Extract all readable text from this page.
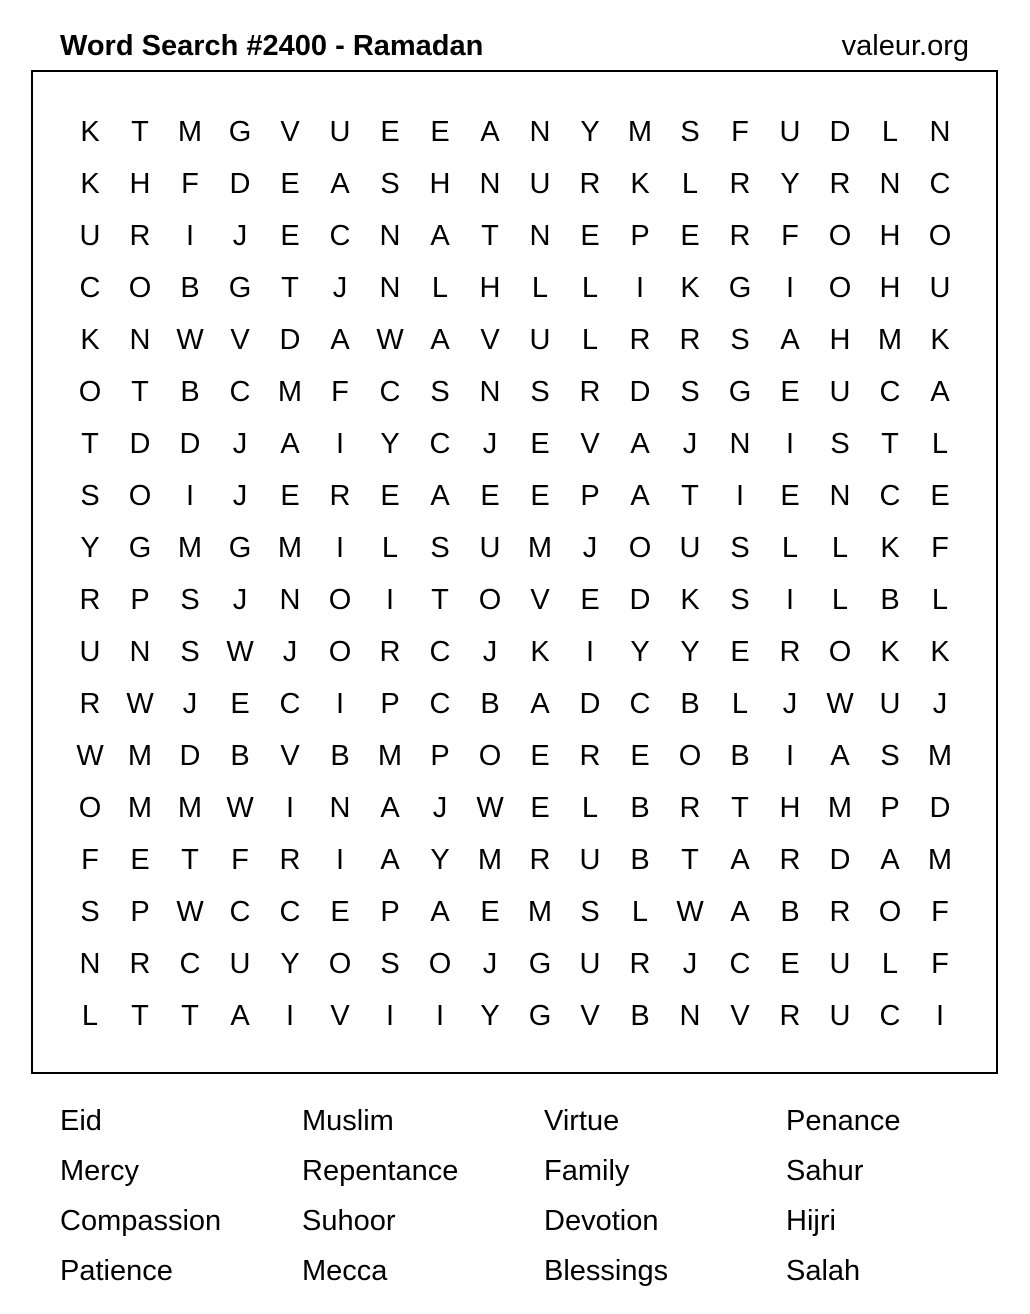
Word Search #2400 - Ramadan	valeur.org
K	T	M G	V	U	E	E	A	N	Y M S	F	U	D	L	N
K	H	F	D	E	A	S	H	N	U	R	K	L	R	Y	R	N	C
U	R	I	J	E	C	N	A	T	N	E	P	E	R	F	O H O
C O	B	G	T	J	N	L	H	L	L	I	K	G	I	O H	U
K	N W V	D	A W A	V	U	L	R	R	S	A	H M K
O	T	B	C M	F	C	S	N	S	R	D	S	G	E	U	C	A
T	D	D	J	A	I	Y	C	J	E	V	A	J	N	I	S	T	L
S	O	I	J	E	R	E	A	E	E	P	A	T	I	E	N	C	E
Y	G M G M	I	L	S	U M	J	O U	S	L	L	K	F
R	P	S	J	N O	I	T	O	V	E	D	K	S	I	L	B	L
U	N	S W	J	O R	C	J	K	I	Y	Y	E	R O	K	K
R W	J	E	C	I	P	C	B	A	D	C	B	L	J	W U	J
W M D	B	V	B M P	O	E	R	E	O	B	I	A	S M
O M M W	I	N	A	J	W E	L	B	R	T	H M P	D
F	E	T	F	R	I	A	Y M R	U	B	T	A	R	D	A M
S	P W C	C	E	P	A	E M S	L W A	B	R O	F
N	R	C	U	Y	O	S	O	J	G U	R	J	C	E	U	L	F
L	T	T	A	I	V	I	I	Y	G	V	B	N	V	R	U	C	I
Eid	Muslim	Virtue	Penance
Mercy	Repentance	Family	Sahur
Compassion	Suhoor	Devotion	Hijri
Patience	Mecca	Blessings	Salah
